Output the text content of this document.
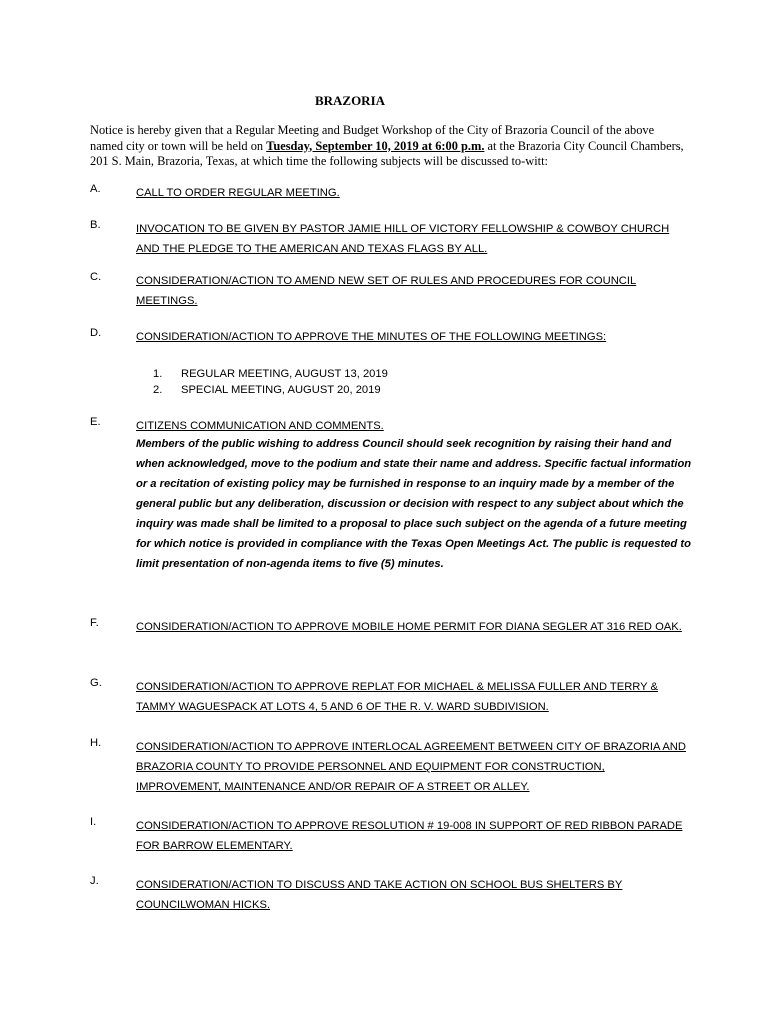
BRAZORIA
Notice is hereby given that a Regular Meeting and Budget Workshop of the City of Brazoria Council of the above named city or town will be held on Tuesday, September 10, 2019 at 6:00 p.m. at the Brazoria City Council Chambers, 201 S. Main, Brazoria, Texas, at which time the following subjects will be discussed to-witt:
A.	CALL TO ORDER REGULAR MEETING.
B.	INVOCATION TO BE GIVEN BY PASTOR JAMIE HILL OF VICTORY FELLOWSHIP & COWBOY CHURCH AND THE PLEDGE TO THE AMERICAN AND TEXAS FLAGS BY ALL.
C.	CONSIDERATION/ACTION TO AMEND NEW SET OF RULES AND PROCEDURES FOR COUNCIL MEETINGS.
D.	CONSIDERATION/ACTION TO APPROVE THE MINUTES OF THE FOLLOWING MEETINGS:
1. REGULAR MEETING, AUGUST 13, 2019
2. SPECIAL MEETING, AUGUST 20, 2019
E.	CITIZENS COMMUNICATION AND COMMENTS.
Members of the public wishing to address Council should seek recognition by raising their hand and when acknowledged, move to the podium and state their name and address. Specific factual information or a recitation of existing policy may be furnished in response to an inquiry made by a member of the general public but any deliberation, discussion or decision with respect to any subject about which the inquiry was made shall be limited to a proposal to place such subject on the agenda of a future meeting for which notice is provided in compliance with the Texas Open Meetings Act. The public is requested to limit presentation of non-agenda items to five (5) minutes.
F.	CONSIDERATION/ACTION TO APPROVE MOBILE HOME PERMIT FOR DIANA SEGLER AT 316 RED OAK.
G.	CONSIDERATION/ACTION TO APPROVE REPLAT FOR MICHAEL & MELISSA FULLER AND TERRY & TAMMY WAGUESPACK AT LOTS 4, 5 AND 6 OF THE R. V. WARD SUBDIVISION.
H.	CONSIDERATION/ACTION TO APPROVE INTERLOCAL AGREEMENT BETWEEN CITY OF BRAZORIA AND BRAZORIA COUNTY TO PROVIDE PERSONNEL AND EQUIPMENT FOR CONSTRUCTION, IMPROVEMENT, MAINTENANCE AND/OR REPAIR OF A STREET OR ALLEY.
I.	CONSIDERATION/ACTION TO APPROVE RESOLUTION # 19-008 IN SUPPORT OF RED RIBBON PARADE FOR BARROW ELEMENTARY.
J.	CONSIDERATION/ACTION TO DISCUSS AND TAKE ACTION ON SCHOOL BUS SHELTERS BY COUNCILWOMAN HICKS.
